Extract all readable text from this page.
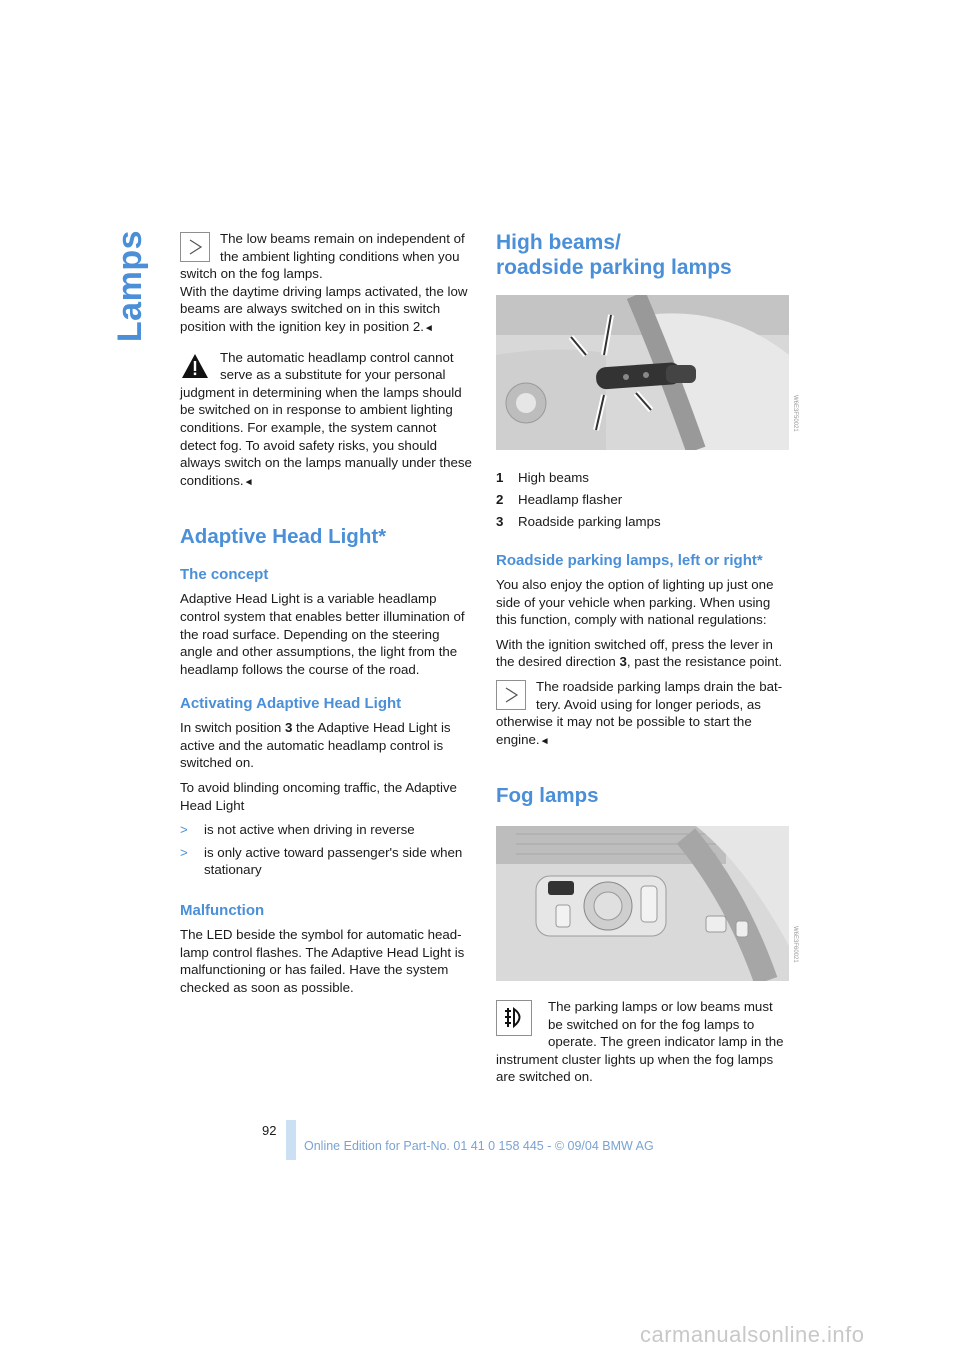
Lamps	The low beams remain on independent of the ambient lighting conditions when you switch on the fog lamps.
With the daytime driving lamps activated, the low beams are always switched on in this switch position with the ignition key in position 2.◄

The automatic headlamp control cannot serve as a substitute for your personal judgment in determining when the lamps should be switched on in response to ambient lighting conditions. For example, the system cannot detect fog. To avoid safety risks, you should always switch on the lamps manually under these conditions.◄

Adaptive Head Light*
The concept

Adaptive Head Light is a variable headlamp control system that enables better illumination of the road surface. Depending on the steering angle and other assumptions, the light from the headlamp follows the course of the road.

Activating Adaptive Head Light

In switch position 3 the Adaptive Head Light is active and the automatic headlamp control is switched on.

To avoid blinding oncoming traffic, the Adaptive Head Light

> is not active when driving in reverse
> is only active toward passenger's side when stationary
Malfunction

The LED beside the symbol for automatic head-lamp control flashes. The Adaptive Head Light is malfunctioning or has failed. Have the system checked as soon as possible.

High beams/
roadside parking lamps
W6E3F50021
1 High beams
2 Headlamp flasher
3 Roadside parking lamps
Roadside parking lamps, left or right*

You also enjoy the option of lighting up just one side of your vehicle when parking. When using this function, comply with national regulations:

With the ignition switched off, press the lever in the desired direction 3, past the resistance point.

The roadside parking lamps drain the bat-tery. Avoid using for longer periods, as otherwise it may not be possible to start the engine.◄

Fog lamps
W6E3F60021

The parking lamps or low beams must be switched on for the fog lamps to operate. The green indicator lamp in the instrument cluster lights up when the fog lamps are switched on.

92
Online Edition for Part-No. 01 41 0 158 445 - © 09/04 BMW AG
carmanualsonline.info
